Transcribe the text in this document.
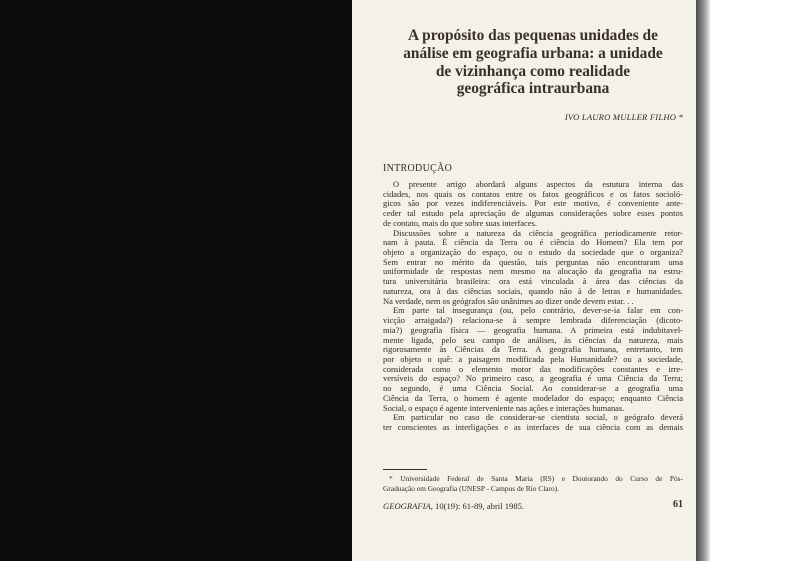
A propósito das pequenas unidades de
análise em geografia urbana: a unidade
de vizinhança como realidade
geográfica intraurbana
IVO LAURO MULLER FILHO *
INTRODUÇÃO
O presente artigo abordará alguns aspectos da estutura interna das
cidades, nos quais os contatos entre os fatos geográficos e os fatos socioló-
gicos são por vezes indiferenciáveis. Por este motivo, é conveniente ante-
ceder tal estudo pela apreciação de algumas considerações sobre esses pontos
de contato, mais do que sobre suas interfaces.
Discussões sobre a natureza da ciência geográfica periodicamente retor-
nam à pauta. É ciência da Terra ou é ciência do Homem? Ela tem por
objeto a organização do espaço, ou o estudo da sociedade que o organiza?
Sem entrar no mérito da questão, tais perguntas não encontraram uma
uniformidade de respostas nem mesmo na alocação da geografia na estru-
tura universitária brasileira: ora está vinculada à área das ciências da
natureza, ora à das ciências sociais, quando não à de letras e humanidades.
Na verdade, nem os geógrafos são unânimes ao dizer onde devem estar. . .
Em parte tal insegurança (ou, pelo contrário, dever-se-ia falar em con-
vicção arraigada?) relaciona-se à sempre lembrada diferenciação (dicoto-
mia?) geografia física — geografia humana. A primeira está indubitavel-
mente ligada, pelo seu campo de análises, às ciências da natureza, mais
rigorosamente às Ciências da Terra. A geografia humana, entretanto, tem
por objeto o quê: a paisagem modificada pela Humanidade? ou a sociedade,
considerada como o elemento motor das modificações constantes e irre-
versíveis do espaço? No primeiro caso, a geografia é uma Ciência da Terra;
no segundo, é uma Ciência Social. Ao considerar-se a geografia uma
Ciência da Terra, o homem é agente modelador do espaço; enquanto Ciência
Social, o espaço é agente interveniente nas ações e interações humanas.
Em particular no caso de considerar-se cientista social, o geógrafo deverá
ter conscientes as interligações e as interfaces de sua ciência com as demais
* Universidade Federal de Santa Maria (RS) e Doutorando do Curso de Pós-
Graduação em Geografia (UNESP - Campus de Rio Claro).
GEOGRAFIA, 10(19): 61-89, abril 1985.	61
